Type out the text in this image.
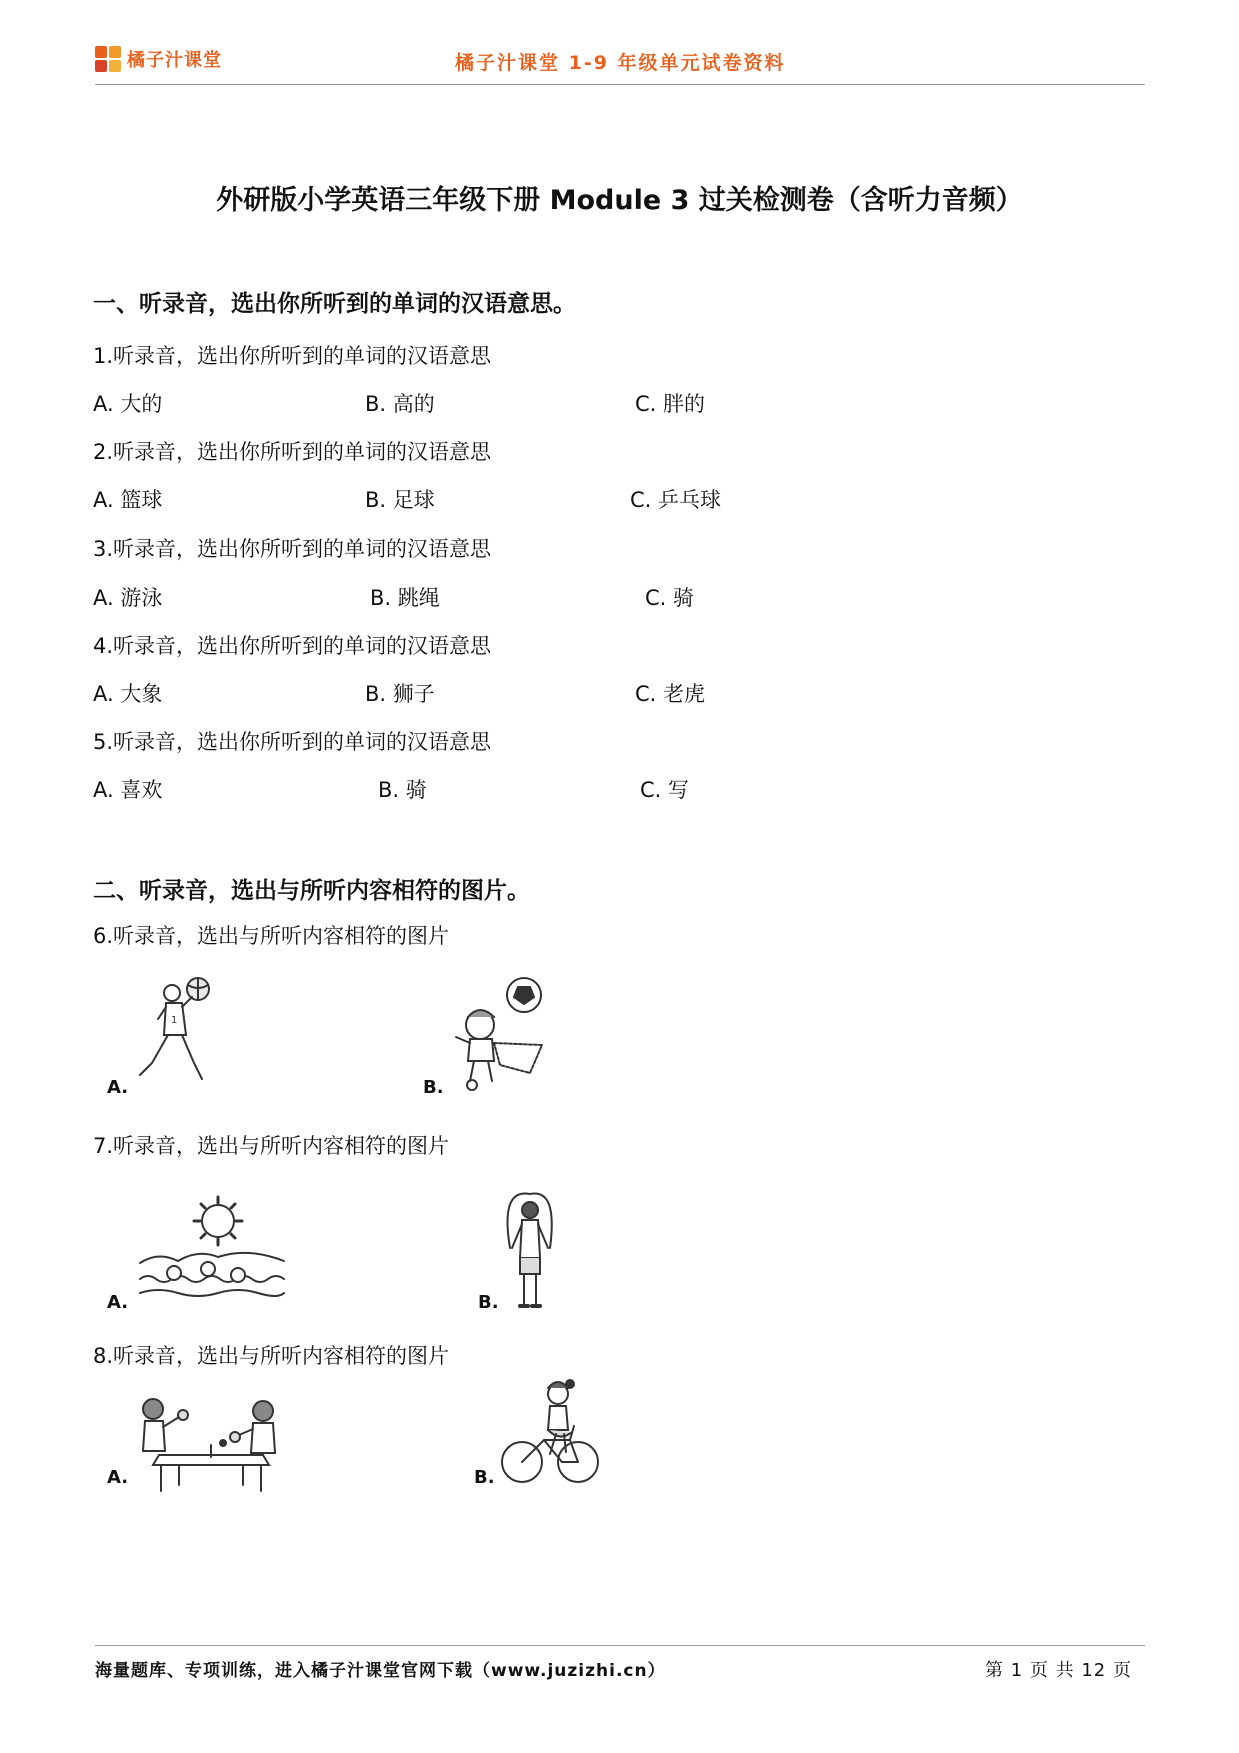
橘子汁课堂	橘子汁课堂 1-9 年级单元试卷资料
外研版小学英语三年级下册 Module 3 过关检测卷（含听力音频）
一、听录音，选出你所听到的单词的汉语意思。
1.听录音，选出你所听到的单词的汉语意思
A. 大的	B. 高的	C. 胖的
2.听录音，选出你所听到的单词的汉语意思
A. 篮球	B. 足球	C. 乒乓球
3.听录音，选出你所听到的单词的汉语意思
A. 游泳	B. 跳绳	C. 骑
4.听录音，选出你所听到的单词的汉语意思
A. 大象	B. 狮子	C. 老虎
5.听录音，选出你所听到的单词的汉语意思
A. 喜欢	B. 骑	C. 写
二、听录音，选出与所听内容相符的图片。
6.听录音，选出与所听内容相符的图片
1
A.	B.
7.听录音，选出与所听内容相符的图片
A.	B.
8.听录音，选出与所听内容相符的图片
A.	B.
海量题库、专项训练，进入橘子汁课堂官网下载（www.juzizhi.cn）	第 1 页 共 12 页
